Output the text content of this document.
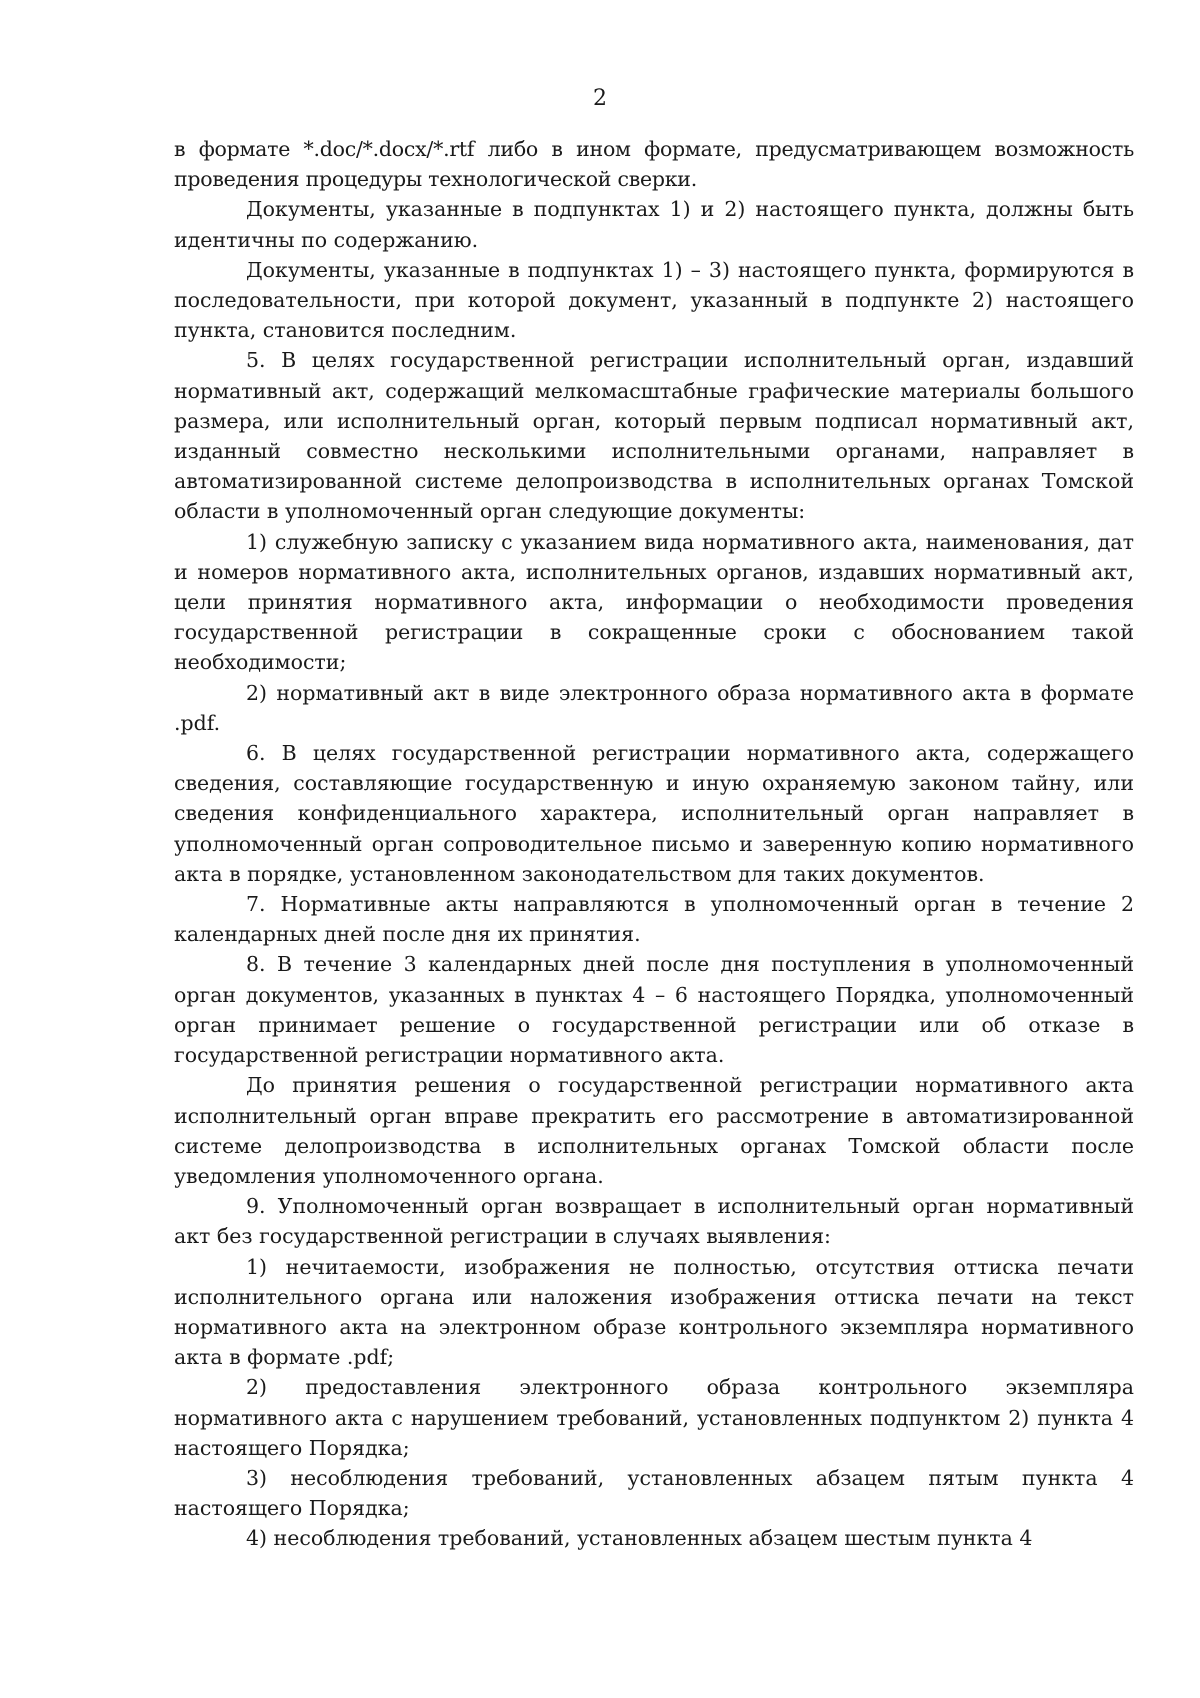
2

в формате *.doc/*.docx/*.rtf либо в ином формате, предусматривающем возможность проведения процедуры технологической сверки.

Документы, указанные в подпунктах 1) и 2) настоящего пункта, должны быть идентичны по содержанию.

Документы, указанные в подпунктах 1) – 3) настоящего пункта, формируются в последовательности, при которой документ, указанный в подпункте 2) настоящего пункта, становится последним.

5. В целях государственной регистрации исполнительный орган, издавший нормативный акт, содержащий мелкомасштабные графические материалы большого размера, или исполнительный орган, который первым подписал нормативный акт, изданный совместно несколькими исполнительными органами, направляет в автоматизированной системе делопроизводства в исполнительных органах Томской области в уполномоченный орган следующие документы:

1) служебную записку с указанием вида нормативного акта, наименования, дат и номеров нормативного акта, исполнительных органов, издавших нормативный акт, цели принятия нормативного акта, информации о необходимости проведения государственной регистрации в сокращенные сроки с обоснованием такой необходимости;

2) нормативный акт в виде электронного образа нормативного акта в формате .pdf.

6. В целях государственной регистрации нормативного акта, содержащего сведения, составляющие государственную и иную охраняемую законом тайну, или сведения конфиденциального характера, исполнительный орган направляет в уполномоченный орган сопроводительное письмо и заверенную копию нормативного акта в порядке, установленном законодательством для таких документов.

7. Нормативные акты направляются в уполномоченный орган в течение 2 календарных дней после дня их принятия.

8. В течение 3 календарных дней после дня поступления в уполномоченный орган документов, указанных в пунктах 4 – 6 настоящего Порядка, уполномоченный орган принимает решение о государственной регистрации или об отказе в государственной регистрации нормативного акта.

До принятия решения о государственной регистрации нормативного акта исполнительный орган вправе прекратить его рассмотрение в автоматизированной системе делопроизводства в исполнительных органах Томской области после уведомления уполномоченного органа.

9. Уполномоченный орган возвращает в исполнительный орган нормативный акт без государственной регистрации в случаях выявления:

1) нечитаемости, изображения не полностью, отсутствия оттиска печати исполнительного органа или наложения изображения оттиска печати на текст нормативного акта на электронном образе контрольного экземпляра нормативного акта в формате .pdf;

2) предоставления электронного образа контрольного экземпляра нормативного акта с нарушением требований, установленных подпунктом 2) пункта 4 настоящего Порядка;

3) несоблюдения требований, установленных абзацем пятым пункта 4 настоящего Порядка;

4) несоблюдения требований, установленных абзацем шестым пункта 4
